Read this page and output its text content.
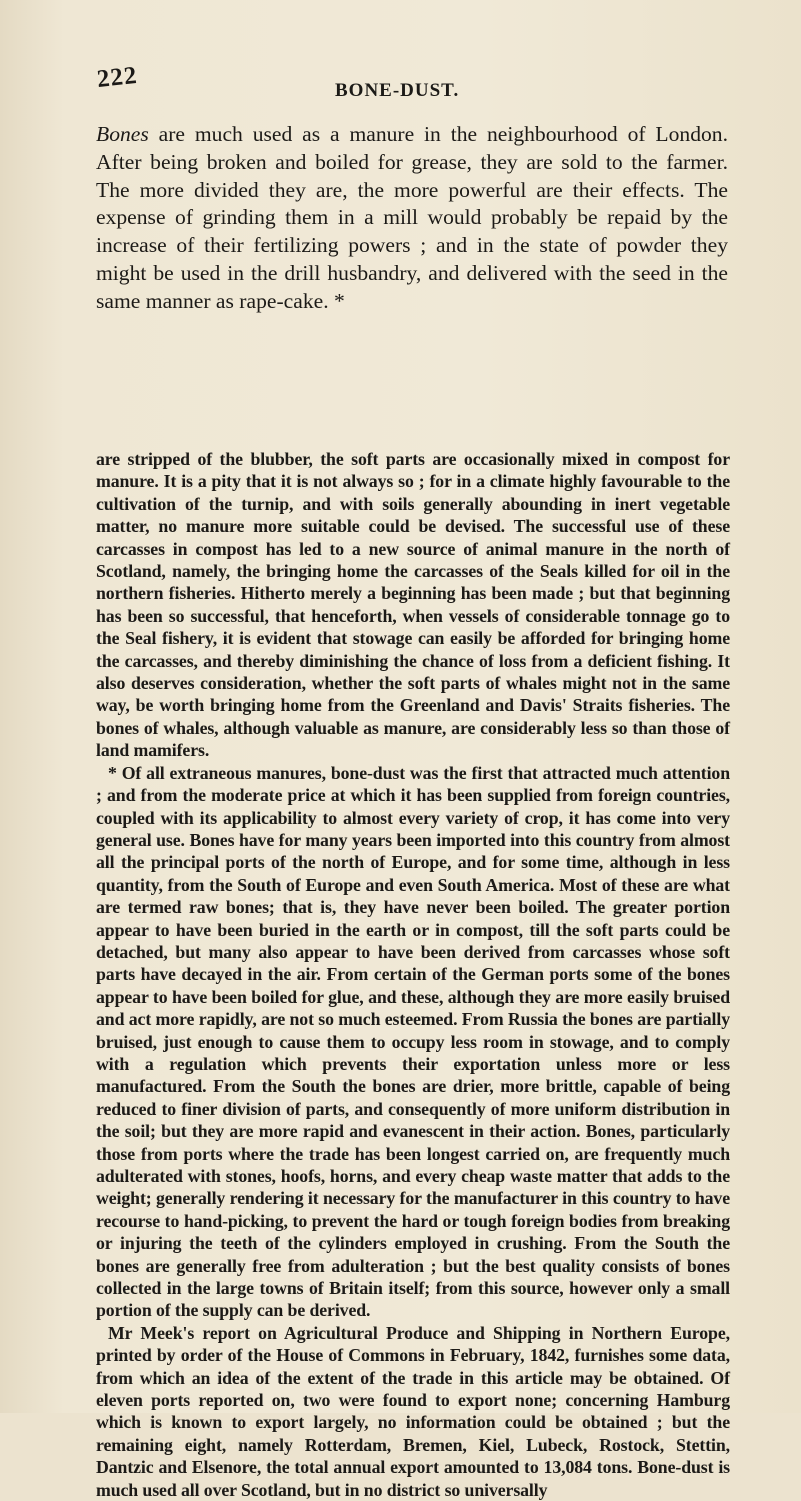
222	BONE-DUST.

Bones are much used as a manure in the neighbourhood of London. After being broken and boiled for grease, they are sold to the farmer. The more divided they are, the more powerful are their effects. The expense of grinding them in a mill would probably be repaid by the increase of their fertilizing powers ; and in the state of powder they might be used in the drill husbandry, and delivered with the seed in the same manner as rape-cake. *

are stripped of the blubber, the soft parts are occasionally mixed in compost for manure. It is a pity that it is not always so ; for in a climate highly favourable to the cultivation of the turnip, and with soils generally abounding in inert vegetable matter, no manure more suitable could be devised. The successful use of these carcasses in compost has led to a new source of animal manure in the north of Scotland, namely, the bringing home the carcasses of the Seals killed for oil in the northern fisheries. Hitherto merely a beginning has been made ; but that beginning has been so successful, that henceforth, when vessels of considerable tonnage go to the Seal fishery, it is evident that stowage can easily be afforded for bringing home the carcasses, and thereby diminishing the chance of loss from a deficient fishing. It also deserves consideration, whether the soft parts of whales might not in the same way, be worth bringing home from the Greenland and Davis' Straits fisheries. The bones of whales, although valuable as manure, are considerably less so than those of land mamifers.

* Of all extraneous manures, bone-dust was the first that attracted much attention ; and from the moderate price at which it has been supplied from foreign countries, coupled with its applicability to almost every variety of crop, it has come into very general use. Bones have for many years been imported into this country from almost all the principal ports of the north of Europe, and for some time, although in less quantity, from the South of Europe and even South America. Most of these are what are termed raw bones; that is, they have never been boiled. The greater portion appear to have been buried in the earth or in compost, till the soft parts could be detached, but many also appear to have been derived from carcasses whose soft parts have decayed in the air. From certain of the German ports some of the bones appear to have been boiled for glue, and these, although they are more easily bruised and act more rapidly, are not so much esteemed. From Russia the bones are partially bruised, just enough to cause them to occupy less room in stowage, and to comply with a regulation which prevents their exportation unless more or less manufactured. From the South the bones are drier, more brittle, capable of being reduced to finer division of parts, and consequently of more uniform distribution in the soil; but they are more rapid and evanescent in their action. Bones, particularly those from ports where the trade has been longest carried on, are frequently much adulterated with stones, hoofs, horns, and every cheap waste matter that adds to the weight; generally rendering it necessary for the manufacturer in this country to have recourse to hand-picking, to prevent the hard or tough foreign bodies from breaking or injuring the teeth of the cylinders employed in crushing. From the South the bones are generally free from adulteration ; but the best quality consists of bones collected in the large towns of Britain itself; from this source, however only a small portion of the supply can be derived.

Mr Meek's report on Agricultural Produce and Shipping in Northern Europe, printed by order of the House of Commons in February, 1842, furnishes some data, from which an idea of the extent of the trade in this article may be obtained. Of eleven ports reported on, two were found to export none; concerning Hamburg which is known to export largely, no information could be obtained ; but the remaining eight, namely Rotterdam, Bremen, Kiel, Lubeck, Rostock, Stettin, Dantzic and Elsenore, the total annual export amounted to 13,084 tons. Bone-dust is much used all over Scotland, but in no district so universally
